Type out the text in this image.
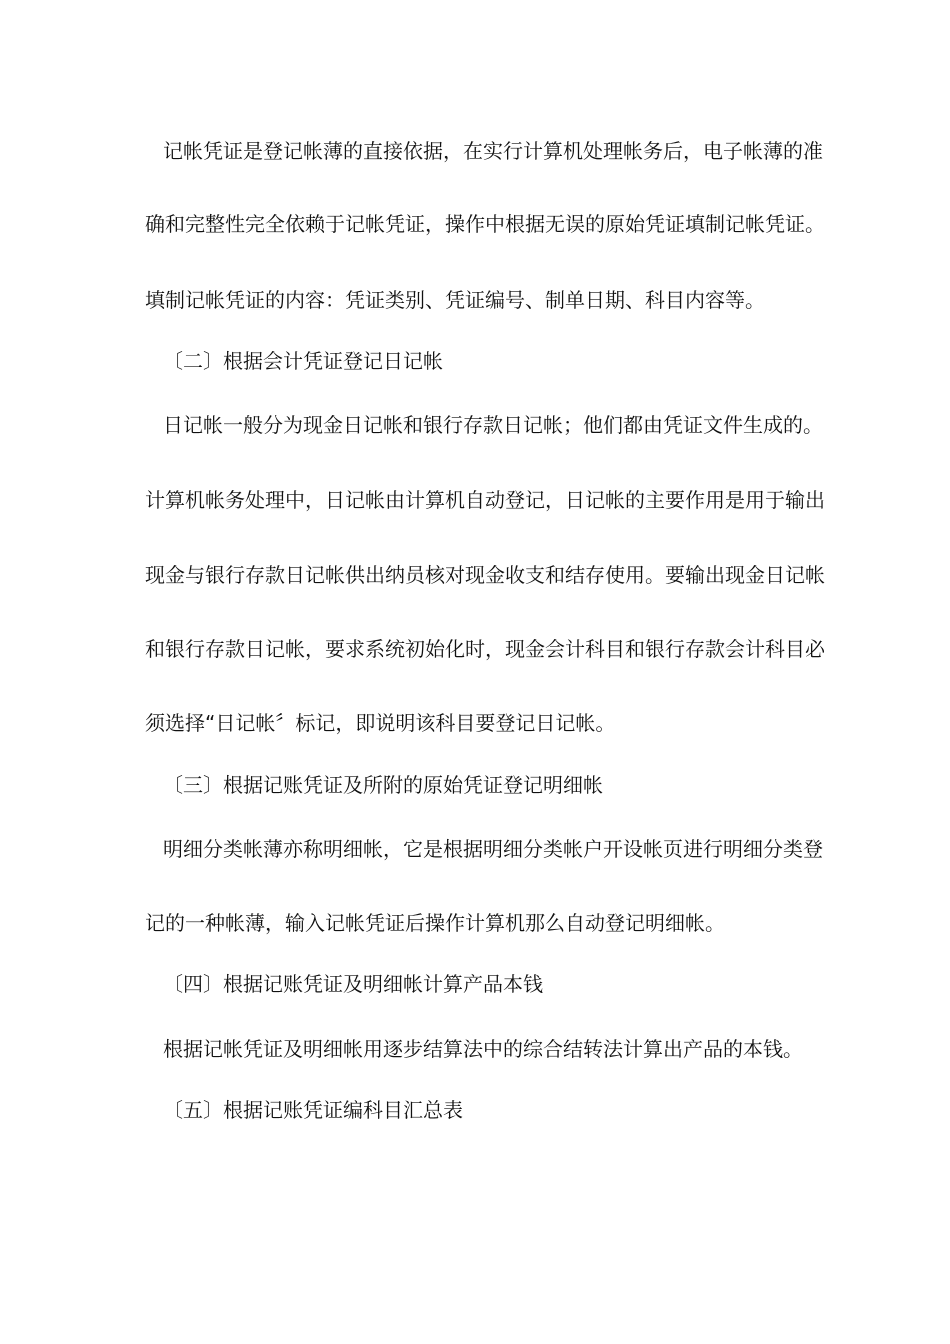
记帐凭证是登记帐薄的直接依据，在实行计算机处理帐务后，电子帐薄的准
确和完整性完全依赖于记帐凭证，操作中根据无误的原始凭证填制记帐凭证。
填制记帐凭证的内容：凭证类别、凭证编号、制单日期、科目内容等。
〔二〕根据会计凭证登记日记帐
日记帐一般分为现金日记帐和银行存款日记帐；他们都由凭证文件生成的。
计算机帐务处理中，日记帐由计算机自动登记，日记帐的主要作用是用于输出
现金与银行存款日记帐供出纳员核对现金收支和结存使用。要输出现金日记帐
和银行存款日记帐，要求系统初始化时，现金会计科目和银行存款会计科目必
须选择“日记帐〞标记，即说明该科目要登记日记帐。
〔三〕根据记账凭证及所附的原始凭证登记明细帐
明细分类帐薄亦称明细帐，它是根据明细分类帐户开设帐页进行明细分类登
记的一种帐薄，输入记帐凭证后操作计算机那么自动登记明细帐。
〔四〕根据记账凭证及明细帐计算产品本钱
根据记帐凭证及明细帐用逐步结算法中的综合结转法计算出产品的本钱。
〔五〕根据记账凭证编科目汇总表
